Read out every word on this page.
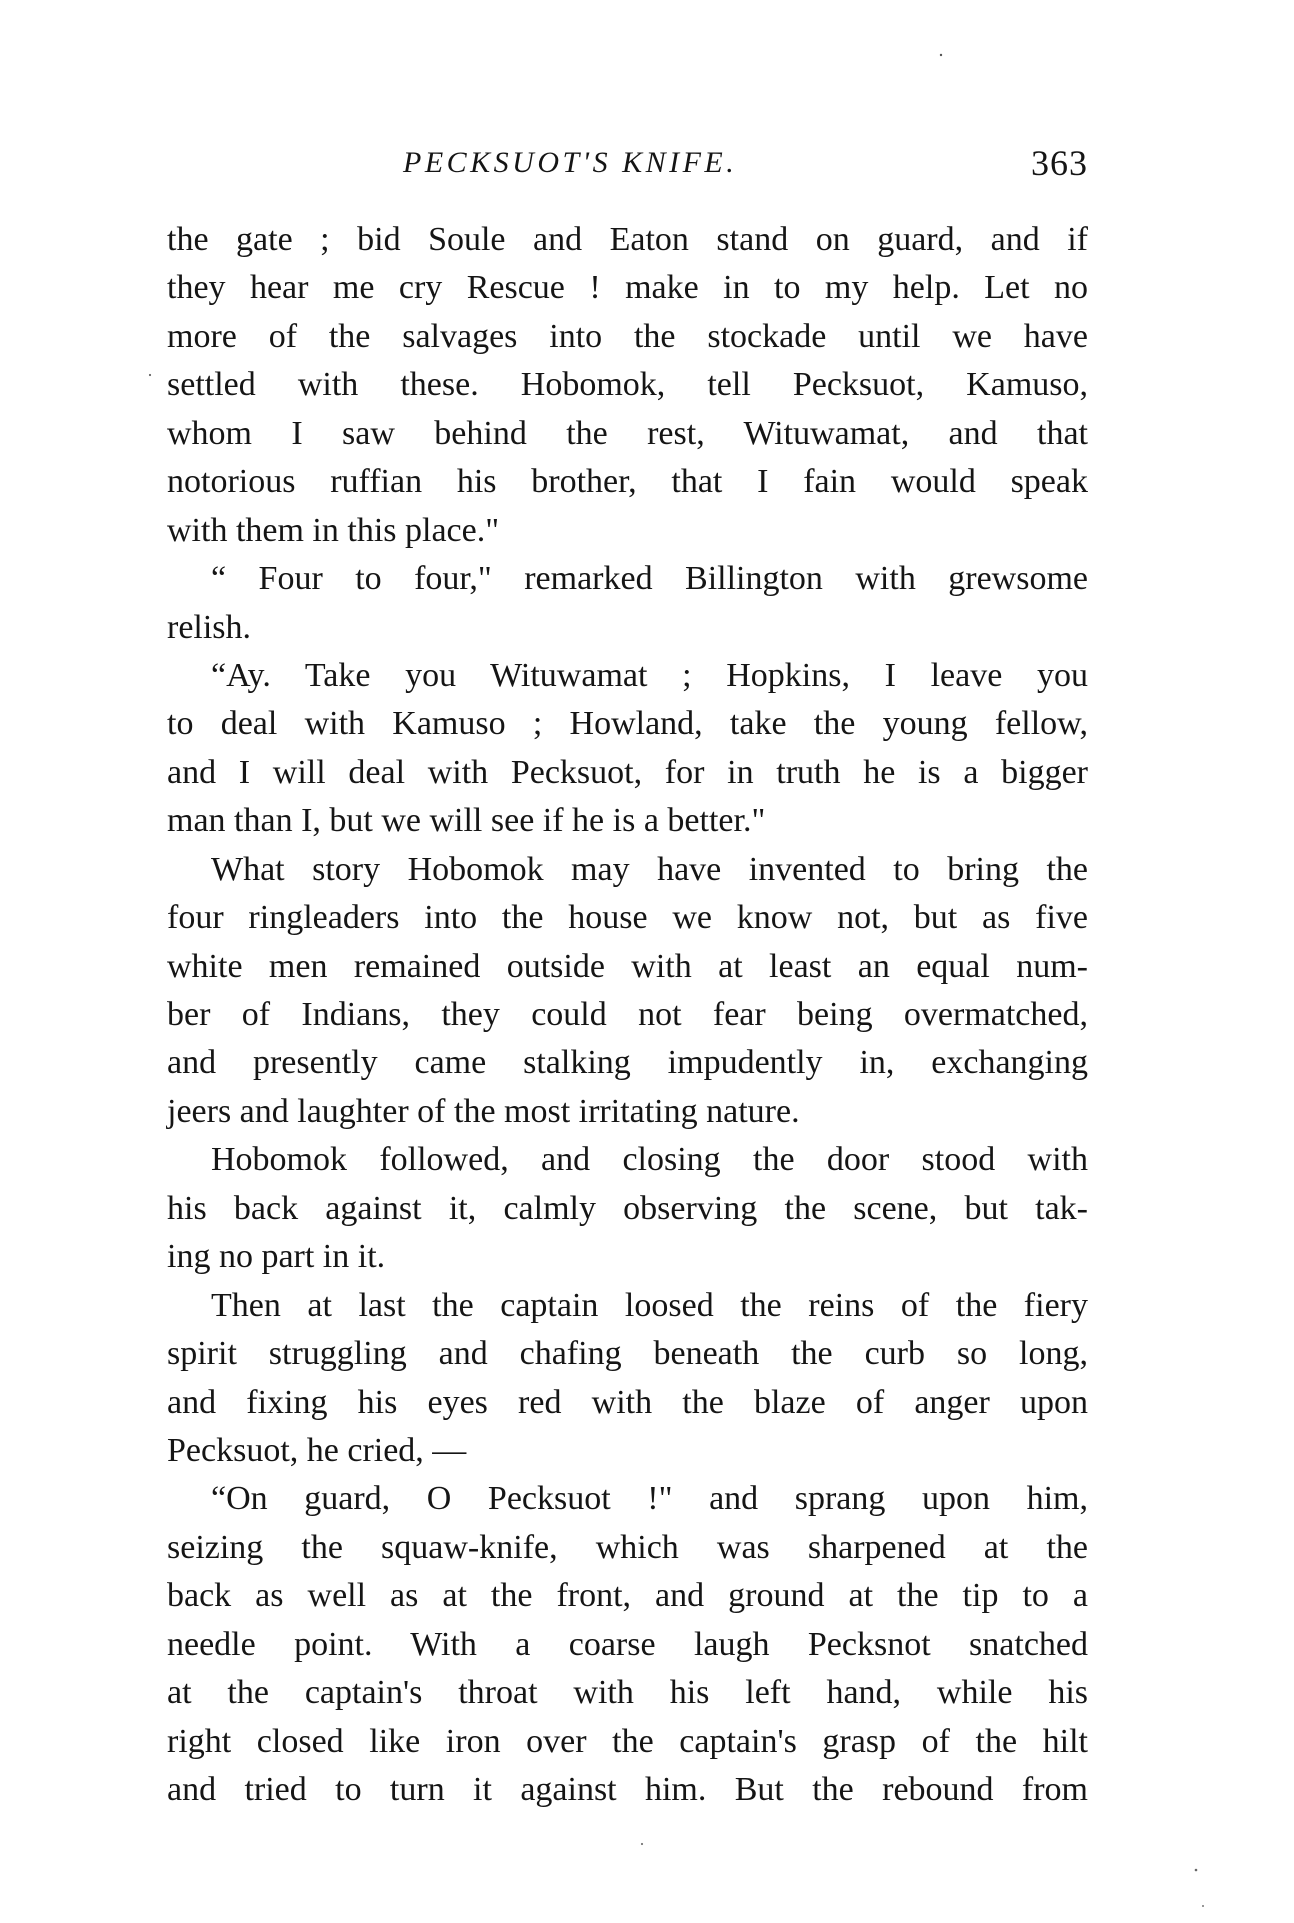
PECKSUOT'S KNIFE.	363
the gate ; bid Soule and Eaton stand on guard, and if
they hear me cry Rescue ! make in to my help. Let no
more of the salvages into the stockade until we have
settled with these. Hobomok, tell Pecksuot, Kamuso,
whom I saw behind the rest, Wituwamat, and that
notorious ruffian his brother, that I fain would speak
with them in this place."
“ Four to four," remarked Billington with grewsome
relish.
“Ay. Take you Wituwamat ; Hopkins, I leave you
to deal with Kamuso ; Howland, take the young fellow,
and I will deal with Pecksuot, for in truth he is a bigger
man than I, but we will see if he is a better."
What story Hobomok may have invented to bring the
four ringleaders into the house we know not, but as five
white men remained outside with at least an equal num-
ber of Indians, they could not fear being overmatched,
and presently came stalking impudently in, exchanging
jeers and laughter of the most irritating nature.
Hobomok followed, and closing the door stood with
his back against it, calmly observing the scene, but tak-
ing no part in it.
Then at last the captain loosed the reins of the fiery
spirit struggling and chafing beneath the curb so long,
and fixing his eyes red with the blaze of anger upon
Pecksuot, he cried, —
“On guard, O Pecksuot !" and sprang upon him,
seizing the squaw-knife, which was sharpened at the
back as well as at the front, and ground at the tip to a
needle point. With a coarse laugh Pecksnot snatched
at the captain's throat with his left hand, while his
right closed like iron over the captain's grasp of the hilt
and tried to turn it against him. But the rebound from
